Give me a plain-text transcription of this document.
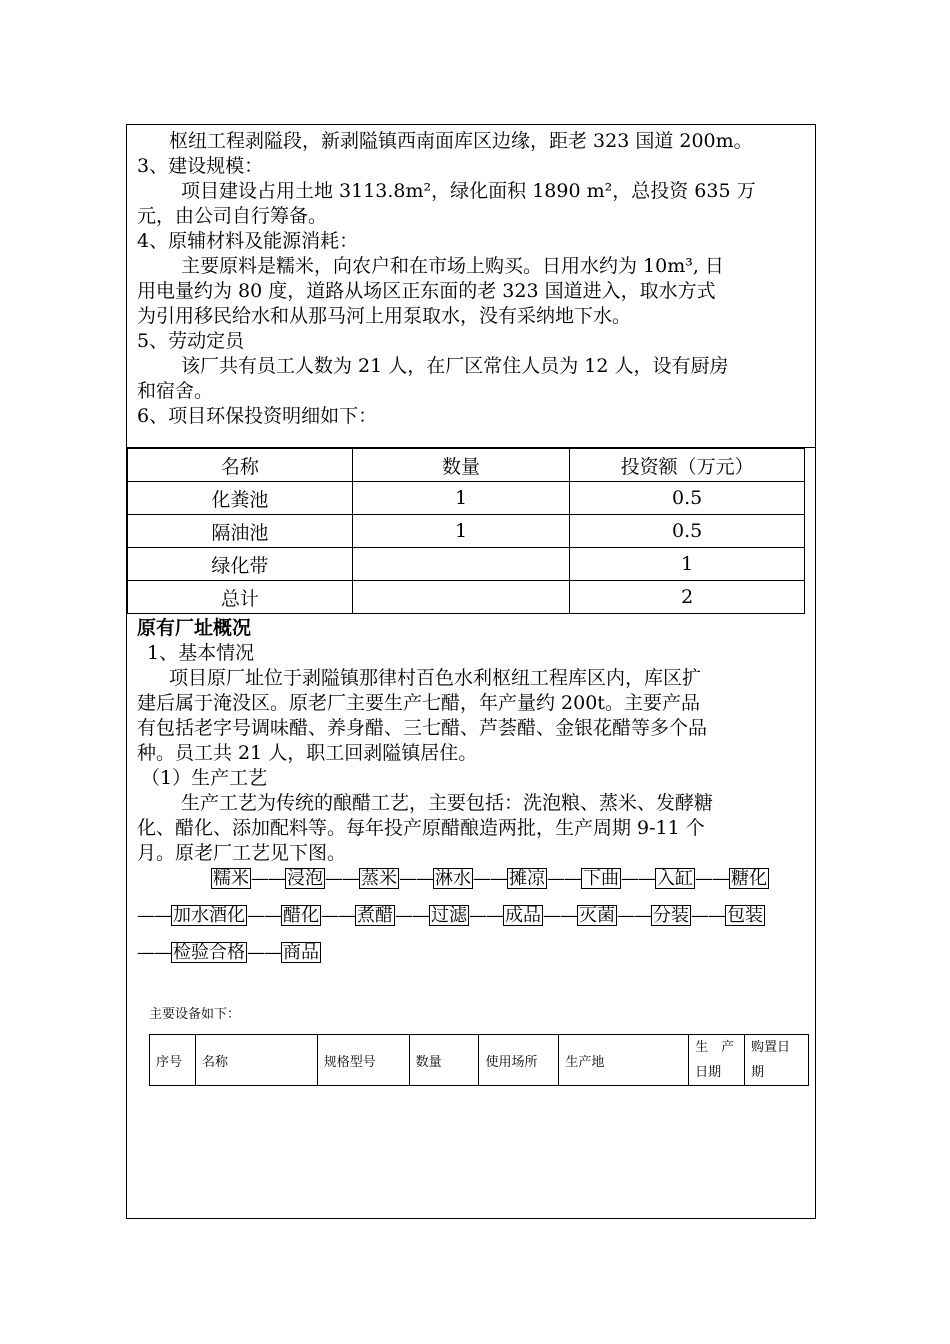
枢纽工程剥隘段，新剥隘镇西南面库区边缘，距老 323 国道 200m。

3、建设规模：

项目建设占用土地 3113.8m²，绿化面积 1890 m²，总投资 635 万

元，由公司自行筹备。

4、原辅材料及能源消耗：

主要原料是糯米，向农户和在市场上购买。日用水约为 10m³, 日

用电量约为 80 度，道路从场区正东面的老 323 国道进入，取水方式

为引用移民给水和从那马河上用泵取水，没有采纳地下水。

5、劳动定员

该厂共有员工人数为 21 人，在厂区常住人员为 12 人，设有厨房

和宿舍。

6、项目环保投资明细如下：

名称	数量	投资额（万元）
化粪池	1	0.5
隔油池	1	0.5
绿化带		1
总计		2

原有厂址概况

1、基本情况

项目原厂址位于剥隘镇那律村百色水利枢纽工程库区内，库区扩

建后属于淹没区。原老厂主要生产七醋，年产量约 200t。主要产品

有包括老字号调味醋、养身醋、三七醋、芦荟醋、金银花醋等多个品

种。员工共 21 人，职工回剥隘镇居住。

（1）生产工艺

生产工艺为传统的酿醋工艺，主要包括：洗泡粮、蒸米、发酵糖

化、醋化、添加配料等。每年投产原醋酿造两批，生产周期 9-11 个

月。原老厂工艺见下图。

糯米 —— 浸泡 —— 蒸米 —— 淋水 —— 摊凉 —— 下曲 —— 入缸 —— 糖化
—— 加水酒化 —— 醋化 —— 煮醋 —— 过滤 —— 成品 —— 灭菌 —— 分装 —— 包装
—— 检验合格 —— 商品
主要设备如下：
序号	名称	规格型号	数量	使用场所	生产地	生　产日期	购置日期
